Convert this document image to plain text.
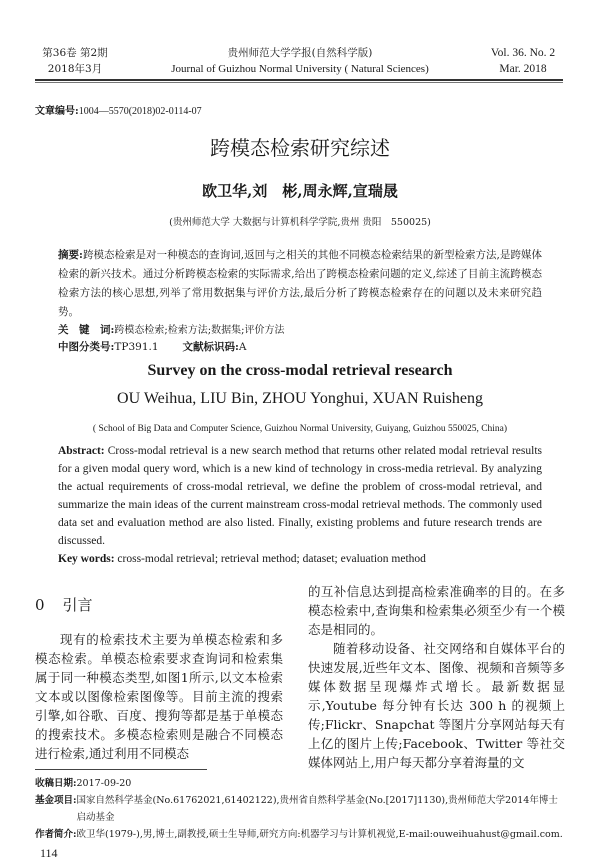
第36卷 第2期
2018年3月
贵州师范大学学报(自然科学版)
Journal of Guizhou Normal University ( Natural Sciences)
Vol. 36. No. 2
Mar. 2018
文章编号:1004—5570(2018)02-0114-07
跨模态检索研究综述
欧卫华,刘　彬,周永辉,宣瑞晟
(贵州师范大学 大数据与计算机科学学院,贵州 贵阳　550025)
摘要:跨模态检索是对一种模态的查询词,返回与之相关的其他不同模态检索结果的新型检索方法,是跨媒体检索的新兴技术。通过分析跨模态检索的实际需求,给出了跨模态检索问题的定义,综述了目前主流跨模态检索方法的核心思想,列举了常用数据集与评价方法,最后分析了跨模态检索存在的问题以及未来研究趋势。
关　键　词:跨模态检索;检索方法;数据集;评价方法
中图分类号:TP391.1 文献标识码:A
Survey on the cross-modal retrieval research
OU Weihua, LIU Bin, ZHOU Yonghui, XUAN Ruisheng
( School of Big Data and Computer Science, Guizhou Normal University, Guiyang, Guizhou 550025, China)
Abstract: Cross-modal retrieval is a new search method that returns other related modal retrieval results for a given modal query word, which is a new kind of technology in cross-media retrieval. By analyzing the actual requirements of cross-modal retrieval, we define the problem of cross-modal retrieval, and summarize the main ideas of the current mainstream cross-modal retrieval methods. The commonly used data set and evaluation method are also listed. Finally, existing problems and future research trends are discussed.
Key words: cross-modal retrieval; retrieval method; dataset; evaluation method
0 引言

现有的检索技术主要为单模态检索和多模态检索。单模态检索要求查询词和检索集属于同一种模态类型,如图1所示,以文本检索文本或以图像检索图像等。目前主流的搜索引擎,如谷歌、百度、搜狗等都是基于单模态的搜索技术。多模态检索则是融合不同模态进行检索,通过利用不同模态

的互补信息达到提高检索准确率的目的。在多模态检索中,查询集和检索集必须至少有一个模态是相同的。

随着移动设备、社交网络和自媒体平台的快速发展,近些年文本、图像、视频和音频等多媒体数据呈现爆炸式增长。最新数据显示,Youtube 每分钟有长达 300 h 的视频上传;Flickr、Snapchat 等图片分享网站每天有上亿的图片上传;Facebook、Twitter 等社交媒体网站上,用户每天都分享着海量的文

收稿日期: 2017-09-20
基金项目: 国家自然科学基金(No.61762021,61402122),贵州省自然科学基金(No.[2017]1130),贵州师范大学2014年博士启动基金
作者简介: 欧卫华(1979-),男,博士,副教授,硕士生导师,研究方向:机器学习与计算机视觉,E-mail:ouweihuahust@gmail.com.
114
